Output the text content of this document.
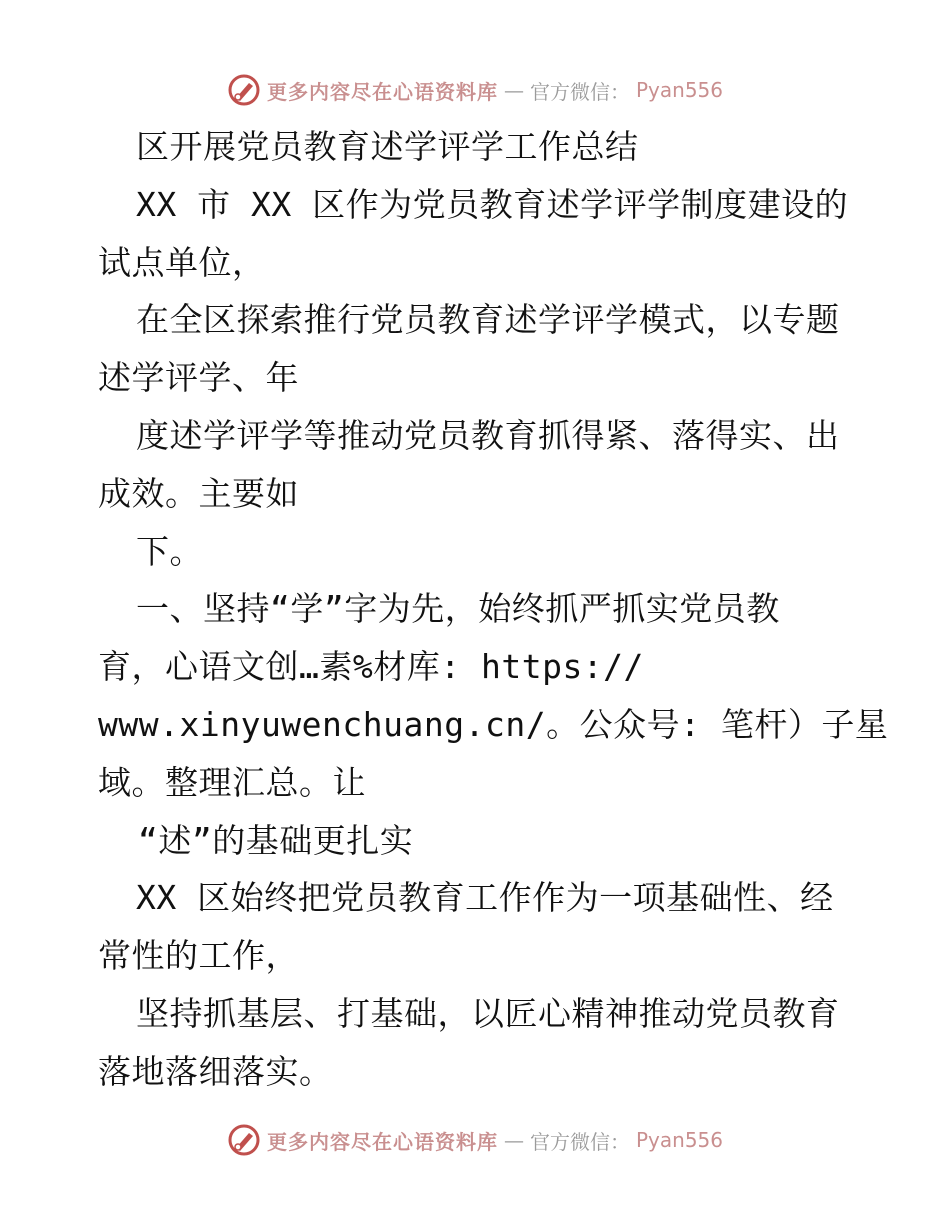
更多内容尽在心语资料库 — 官方微信： Pyan556
区开展党员教育述学评学工作总结
XX 市 XX 区作为党员教育述学评学制度建设的
试点单位，
在全区探索推行党员教育述学评学模式，以专题
述学评学、年
度述学评学等推动党员教育抓得紧、落得实、出
成效。主要如
下。
一、坚持“学”字为先，始终抓严抓实党员教
育，心语文创…素%材库: https://
www.xinyuwenchuang.cn/。公众号: 笔杆）子星
域。整理汇总。让
“述”的基础更扎实
XX 区始终把党员教育工作作为一项基础性、经
常性的工作，
坚持抓基层、打基础，以匠心精神推动党员教育
落地落细落实。
更多内容尽在心语资料库 — 官方微信： Pyan556
